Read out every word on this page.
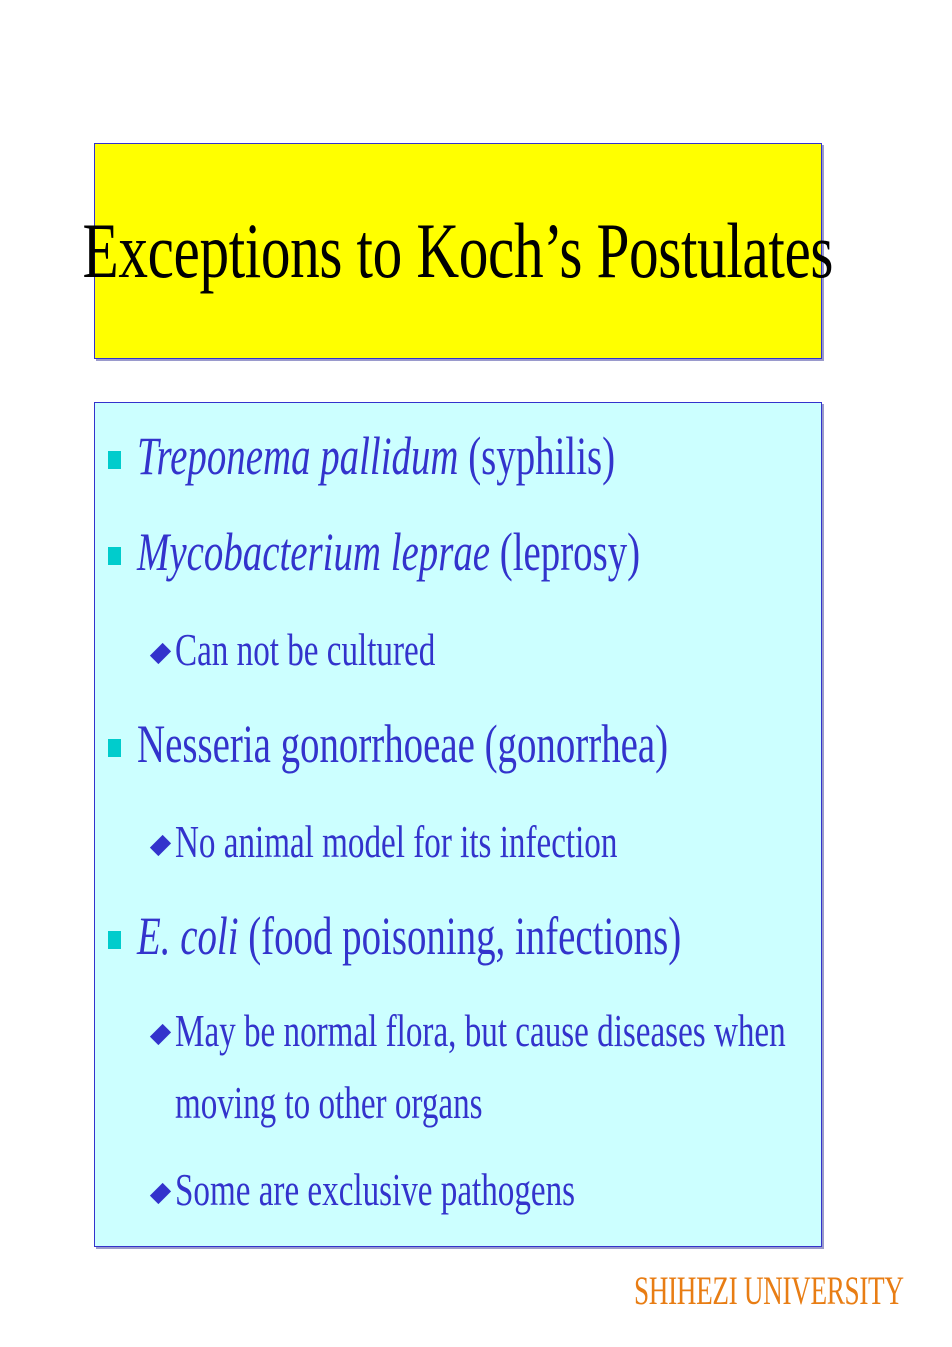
Exceptions to Koch’s Postulates
Treponema pallidum (syphilis)
Mycobacterium leprae (leprosy)
Can not be cultured
Nesseria gonorrhoeae (gonorrhea)
No animal model for its infection
E. coli (food poisoning, infections)
May be normal flora, but cause diseases when
moving to other organs
Some are exclusive pathogens
SHIHEZI UNIVERSITY
